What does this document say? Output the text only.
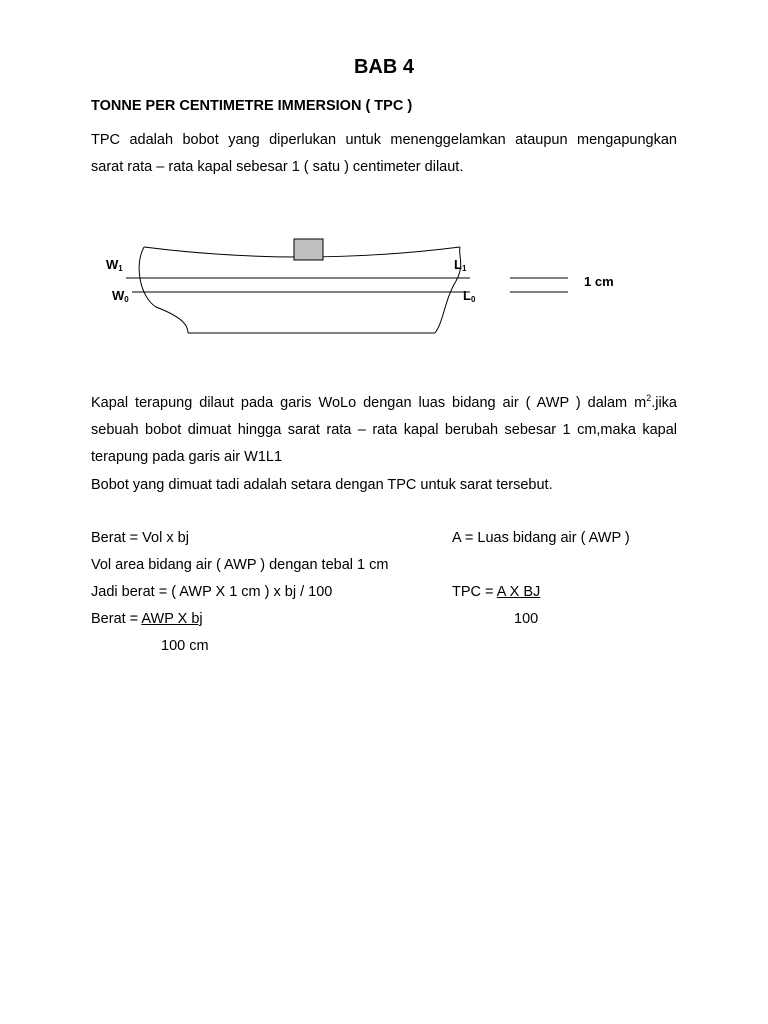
BAB 4
TONNE PER CENTIMETRE IMMERSION ( TPC )
TPC adalah bobot yang diperlukan untuk menenggelamkan ataupun mengapungkan
sarat rata – rata kapal sebesar 1 ( satu ) centimeter dilaut.
W1
W0
L1
L0
1 cm
Kapal terapung dilaut pada garis WoLo dengan luas bidang air ( AWP ) dalam $m^2.jika$
sebuah bobot dimuat hingga sarat rata – rata kapal berubah sebesar 1 cm,maka kapal
terapung pada garis air W1L1
Bobot yang dimuat tadi adalah setara dengan TPC untuk sarat tersebut.
Berat = Vol x bj
Vol area bidang air ( AWP ) dengan tebal 1 cm
Jadi berat = ( AWP X 1 cm ) x bj / 100
Berat = AWP X bj
100 cm
A = Luas bidang air ( AWP )
TPC = A X BJ
100
